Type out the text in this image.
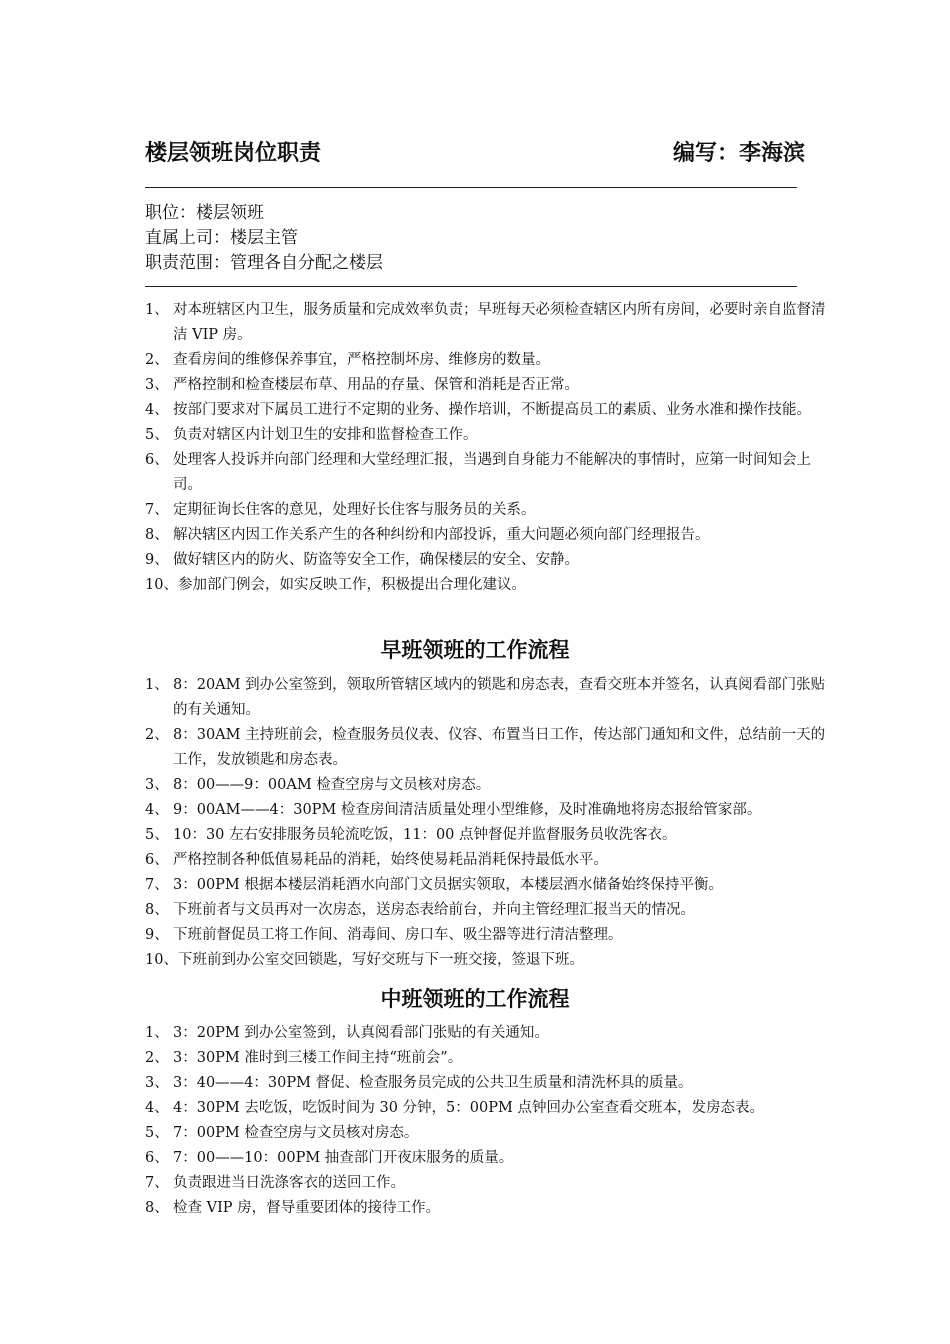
楼层领班岗位职责	编写：李海滨
职位：楼层领班
直属上司：楼层主管
职责范围：管理各自分配之楼层
1、 对本班辖区内卫生，服务质量和完成效率负责；早班每天必须检查辖区内所有房间，必要时亲自监督清洁 VIP 房。
2、 查看房间的维修保养事宜，严格控制坏房、维修房的数量。
3、 严格控制和检查楼层布草、用品的存量、保管和消耗是否正常。
4、 按部门要求对下属员工进行不定期的业务、操作培训，不断提高员工的素质、业务水准和操作技能。
5、 负责对辖区内计划卫生的安排和监督检查工作。
6、 处理客人投诉并向部门经理和大堂经理汇报，当遇到自身能力不能解决的事情时，应第一时间知会上司。
7、 定期征询长住客的意见，处理好长住客与服务员的关系。
8、 解决辖区内因工作关系产生的各种纠纷和内部投诉，重大问题必须向部门经理报告。
9、 做好辖区内的防火、防盗等安全工作，确保楼层的安全、安静。
10、 参加部门例会，如实反映工作，积极提出合理化建议。
早班领班的工作流程
1、 8：20AM 到办公室签到，领取所管辖区域内的锁匙和房态表，查看交班本并签名，认真阅看部门张贴的有关通知。
2、 8：30AM 主持班前会，检查服务员仪表、仪容、布置当日工作，传达部门通知和文件，总结前一天的工作，发放锁匙和房态表。
3、 8：00——9：00AM 检查空房与文员核对房态。
4、 9：00AM——4：30PM 检查房间清洁质量处理小型维修，及时准确地将房态报给管家部。
5、 10：30 左右安排服务员轮流吃饭，11：00 点钟督促并监督服务员收洗客衣。
6、 严格控制各种低值易耗品的消耗，始终使易耗品消耗保持最低水平。
7、 3：00PM 根据本楼层消耗酒水向部门文员据实领取，本楼层酒水储备始终保持平衡。
8、 下班前者与文员再对一次房态，送房态表给前台，并向主管经理汇报当天的情况。
9、 下班前督促员工将工作间、消毒间、房口车、吸尘器等进行清洁整理。
10、 下班前到办公室交回锁匙，写好交班与下一班交接，签退下班。
中班领班的工作流程
1、 3：20PM 到办公室签到，认真阅看部门张贴的有关通知。
2、 3：30PM 准时到三楼工作间主持“班前会”。
3、 3：40——4：30PM 督促、检查服务员完成的公共卫生质量和清洗杯具的质量。
4、 4：30PM 去吃饭，吃饭时间为 30 分钟，5：00PM 点钟回办公室查看交班本，发房态表。
5、 7：00PM 检查空房与文员核对房态。
6、 7：00——10：00PM 抽查部门开夜床服务的质量。
7、 负责跟进当日洗涤客衣的送回工作。
8、 检查 VIP 房，督导重要团体的接待工作。
